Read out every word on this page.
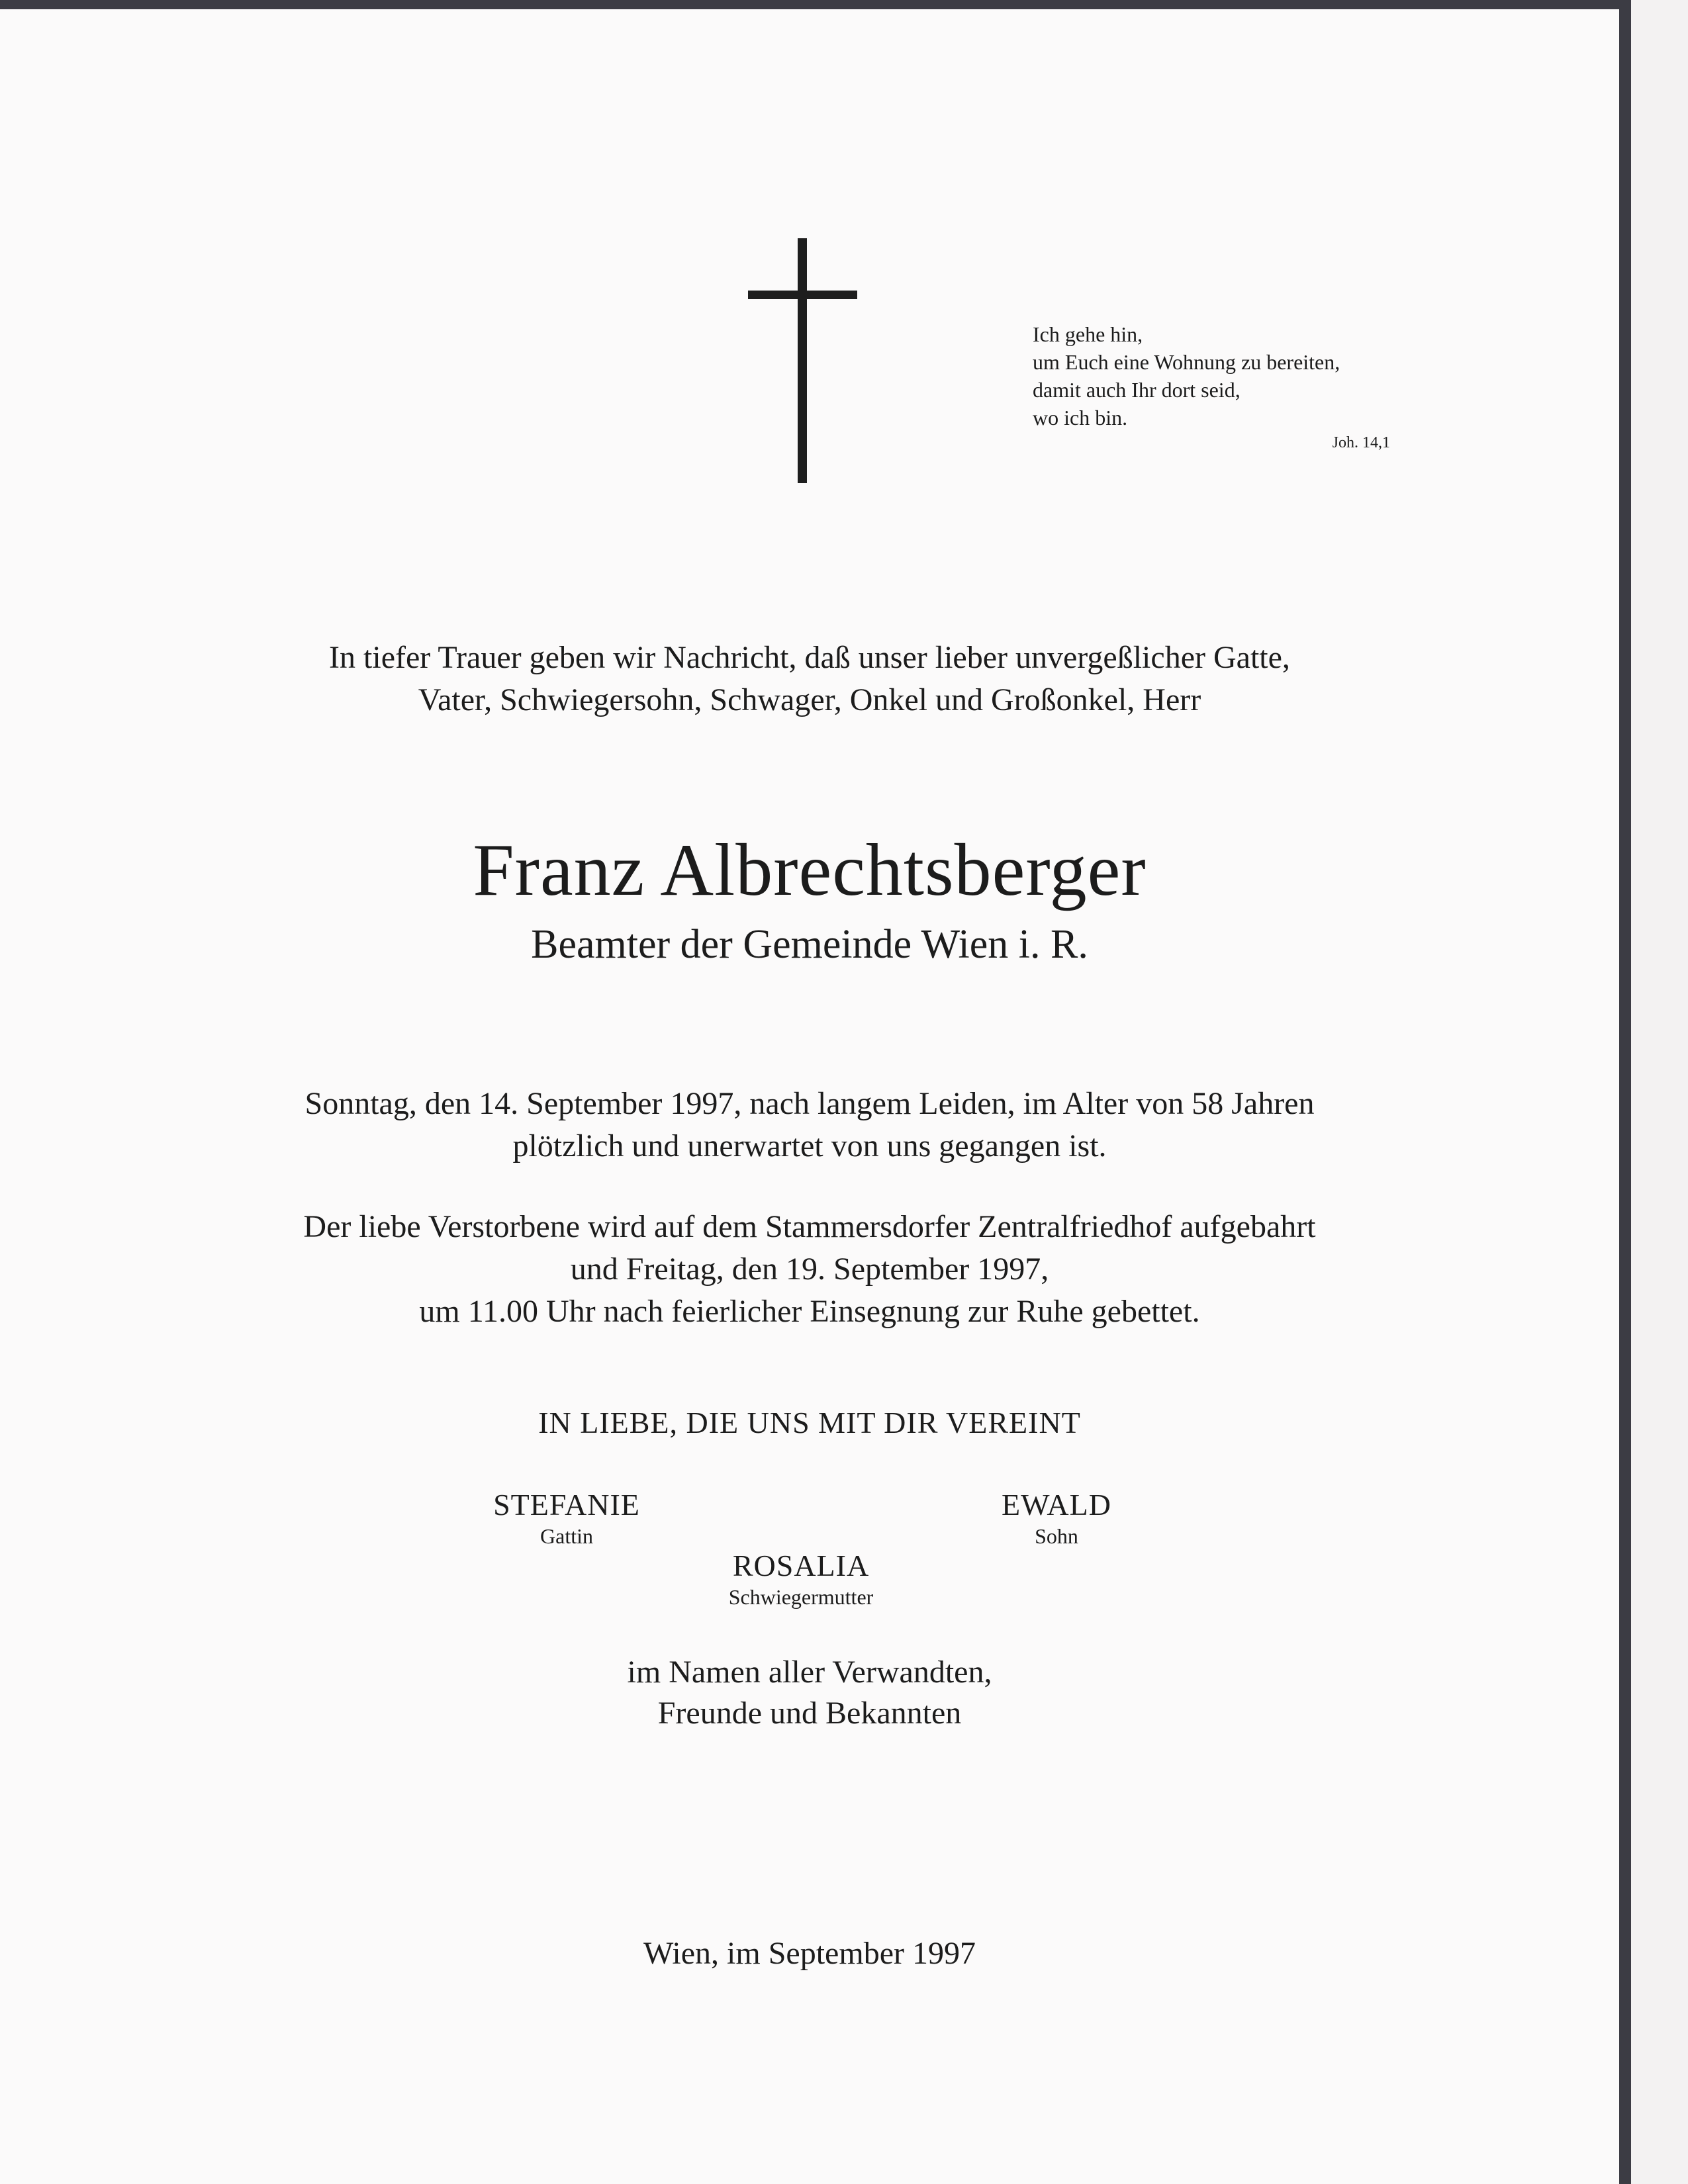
Ich gehe hin,
um Euch eine Wohnung zu bereiten,
damit auch Ihr dort seid,
wo ich bin.
Joh. 14,1
In tiefer Trauer geben wir Nachricht, daß unser lieber unvergeßlicher Gatte,
Vater, Schwiegersohn, Schwager, Onkel und Großonkel, Herr
Franz Albrechtsberger
Beamter der Gemeinde Wien i. R.
Sonntag, den 14. September 1997, nach langem Leiden, im Alter von 58 Jahren
plötzlich und unerwartet von uns gegangen ist.
Der liebe Verstorbene wird auf dem Stammersdorfer Zentralfriedhof aufgebahrt
und Freitag, den 19. September 1997,
um 11.00 Uhr nach feierlicher Einsegnung zur Ruhe gebettet.
IN LIEBE, DIE UNS MIT DIR VEREINT
STEFANIE
Gattin
EWALD
Sohn
ROSALIA
Schwiegermutter
im Namen aller Verwandten,
Freunde und Bekannten
Wien, im September 1997
